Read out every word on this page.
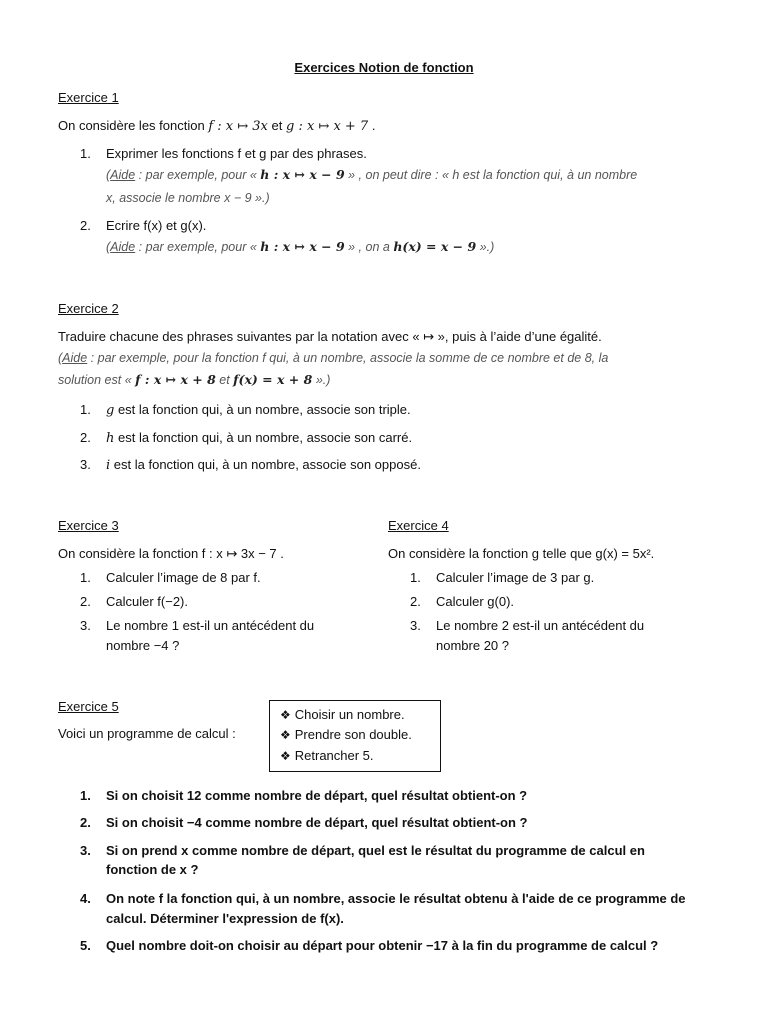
Exercices Notion de fonction
Exercice 1
On considère les fonction f : x ↦ 3x et g : x ↦ x + 7 .
1. Exprimer les fonctions f et g par des phrases.
(Aide : par exemple, pour « h : x ↦ x − 9 » , on peut dire : « h est la fonction qui, à un nombre
x, associe le nombre x − 9 ».)
2. Ecrire f(x) et g(x).
(Aide : par exemple, pour « h : x ↦ x − 9 » , on a h(x) = x − 9 ».)
Exercice 2
Traduire chacune des phrases suivantes par la notation avec « ↦ », puis à l’aide d’une égalité.
(Aide : par exemple, pour la fonction f qui, à un nombre, associe la somme de ce nombre et de 8, la
solution est « f : x ↦ x + 8 et f(x) = x + 8 ».)
1. g est la fonction qui, à un nombre, associe son triple.
2. h est la fonction qui, à un nombre, associe son carré.
3. i est la fonction qui, à un nombre, associe son opposé.
Exercice 3
On considère la fonction f : x ↦ 3x − 7 .
1. Calculer l’image de 8 par f.
2. Calculer f(−2).
3. Le nombre 1 est-il un antécédent du
nombre −4 ?
Exercice 4
On considère la fonction g telle que g(x) = 5x².
1. Calculer l’image de 3 par g.
2. Calculer g(0).
3. Le nombre 2 est-il un antécédent du
nombre 20 ?
Exercice 5
Voici un programme de calcul :
❖ Choisir un nombre.
❖ Prendre son double.
❖ Retrancher 5.
1. Si on choisit 12 comme nombre de départ, quel résultat obtient-on ?
2. Si on choisit −4 comme nombre de départ, quel résultat obtient-on ?
3. Si on prend x comme nombre de départ, quel est le résultat du programme de calcul en
fonction de x ?
4. On note f la fonction qui, à un nombre, associe le résultat obtenu à l'aide de ce programme de
calcul. Déterminer l'expression de f(x).
5. Quel nombre doit-on choisir au départ pour obtenir −17 à la fin du programme de calcul ?
